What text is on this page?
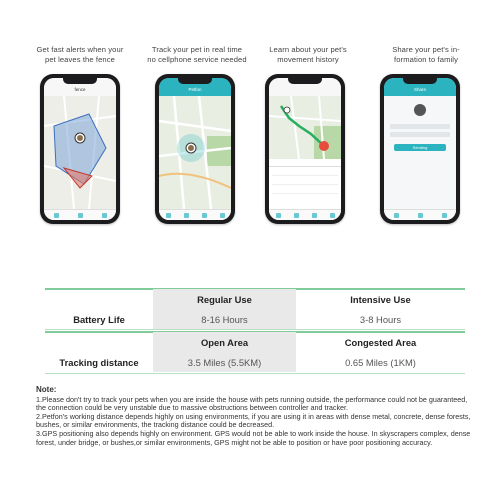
Get fast alerts when your
pet leaves the fence
Track your pet in real time
no cellphone service needed
Learn about your pet's
movement history
Share your pet's in-
formation to family
fence	Petfon	Share
Sending
	Regular Use	Intensive Use
Battery Life	8-16 Hours	3-8 Hours
	Open Area	Congested Area
Tracking distance	3.5 Miles (5.5KM)	0.65 Miles (1KM)
Note:

1.Please don't try to track your pets when you are inside the house with pets running outside, the performance could not be guaranteed, the connection could be very unstable due to massive obstructions between controller and tracker.

2.Petfon's working distance depends highly on using environments, if you are using it in areas with dense metal, concrete, dense forests, bushes, or similar environments, the tracking distance could be decreased.

3.GPS positioning also depends highly on environment. GPS would not be able to work inside the house. In skyscrapers complex, dense forest, under bridge, or bushes,or similar environments, GPS might not be able to position or have poor positioning accuracy.
